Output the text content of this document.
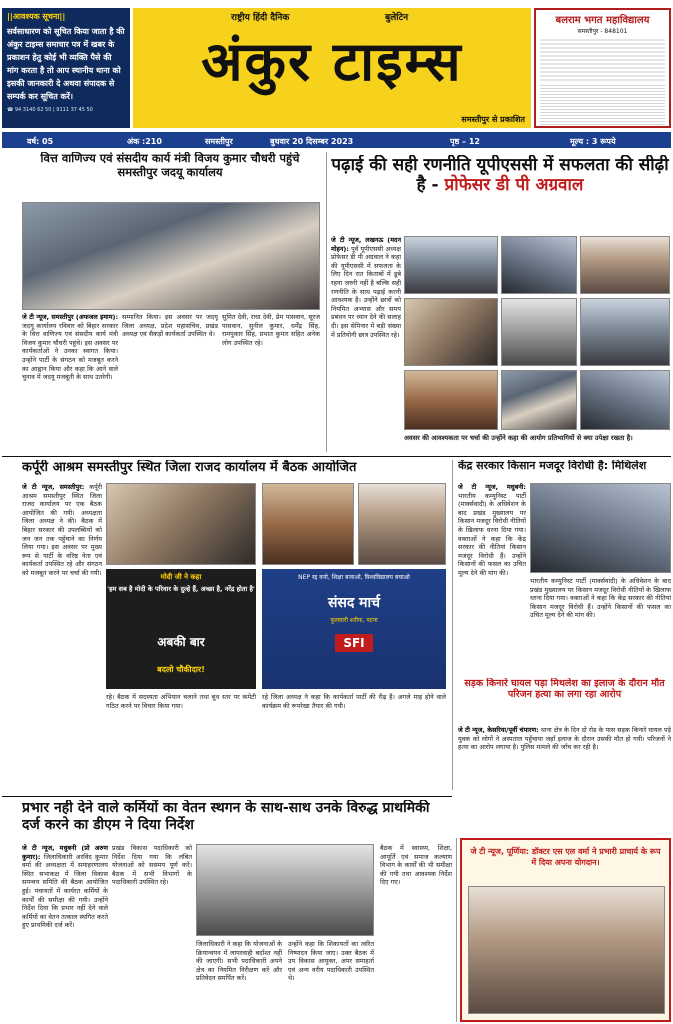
||आवश्यक सूचना||
सर्वसाधारण को सूचित किया जाता है की अंकुर टाइम्स समाचार पत्र में खबर के प्रकाशन हेतु कोई भी व्यक्ति पैसे की मांग करता है तो आप स्थानीय थाना को इसकी जानकारी दे अथवा संपादक से सम्पर्क कर सूचित करें।
☎ 94 3140 62 50 | 9111 37 45 50
राष्ट्रीय हिंदी दैनिक	बुलेटिन
अंकुर टाइम्स
समस्तीपुर से प्रकाशित
बलराम भगत महाविद्यालय
समस्तीपुर - 848101
वर्ष: 05	अंक :210	समस्तीपुर	बुधवार 20 दिसम्बर 2023	पृष्ठ – 12	मूल्य : 3 रूपये
वित्त वाणिज्य एवं संसदीय कार्य मंत्री विजय कुमार चौधरी पहुंचे समस्तीपुर जदयू कार्यालय
जे टी न्यूज, समस्तीपुर (अफजल इमाम): जदयू कार्यालय रविवार को बिहार सरकार के वित्त वाणिज्य एवं संसदीय कार्य मंत्री विजय कुमार चौधरी पहुंचे। इस अवसर पर कार्यकर्ताओं ने उनका स्वागत किया। उन्होंने पार्टी के संगठन को मजबूत करने का आह्वान किया और कहा कि आने वाले चुनाव में जदयू मजबूती के साथ उतरेगी।
सम्मानित किया। इस अवसर पर जदयू जिला अध्यक्ष, प्रदेश महासचिव, प्रखंड अध्यक्ष एवं सैकड़ों कार्यकर्ता उपस्थित थे।
सुमित देवी, राधा देवी, प्रेम पासवान, सूरज पासवान, सुनील कुमार, धर्मेंद्र सिंह, रामपुकार सिंह, प्रभात कुमार सहित अनेक लोग उपस्थित रहे।
पढ़ाई की सही रणनीति यूपीएससी में सफलता की सीढ़ी है - प्रोफेसर डी पी अग्रवाल
जे टी न्यूज, लखनऊ (मदन मोहन): पूर्व यूपीएससी अध्यक्ष प्रोफेसर डी पी अग्रवाल ने कहा की यूपीएससी में सफलता के लिए दिन रात किताबों में डूबे रहना जरुरी नहीं है बल्कि सही रणनीति के साथ पढ़ाई करनी आवश्यक है। उन्होंने छात्रों को नियमित अभ्यास और समय प्रबंधन पर ध्यान देने की सलाह दी। इस सेमिनार में बड़ी संख्या में प्रतियोगी छात्र उपस्थित रहे।
अवसर की आवश्यकता पर चर्चा की उन्होंने कहा की आयोग प्रतिभागियों से क्या उपेक्षा रखता है।
कर्पूरी आश्रम समस्तीपुर स्थित जिला राजद कार्यालय में बैठक आयोजित
जे टी न्यूज, समस्तीपुर: कर्पूरी आश्रम समस्तीपुर स्थित जिला राजद कार्यालय पर एक बैठक आयोजित की गयी। अध्यक्षता जिला अध्यक्ष ने की। बैठक में बिहार सरकार की उपलब्धियों को जन जन तक पहुँचाने का निर्णय लिया गया। इस अवसर पर मुख्य रूप से पार्टी के वरिष्ठ नेता एवं कार्यकर्ता उपस्थित रहे और संगठन को मजबूत करने पर चर्चा की गयी।
मोदी जी ने कहा
'हम सब है मोदी के परिवार के दुल्हे हैं, अच्छा है, नरेंद्र होता है'
अबकी बार
बदलो चौकीदार!
NEP रद्द करो, शिक्षा बजाओ, विश्वविद्यालय बचाओ
संसद मार्च
फुलवारी शरीफ, पटना
SFI
रहे। बैठक में सदस्यता अभियान चलाने तथा बूथ स्तर पर कमेटी गठित करने पर विचार किया गया।
रहे जिला अध्यक्ष ने कहा कि कार्यकर्ता पार्टी की रीढ़ हैं। अगले माह होने वाले कार्यक्रम की रूपरेखा तैयार की गयी।
केंद्र सरकार किसान मजदूर विरोधी है: मिथिलेश
जे टी न्यूज, मधुबनी: भारतीय कम्युनिस्ट पार्टी (मार्क्सवादी) के अधिवेशन के बाद प्रखंड मुख्यालय पर किसान मजदूर विरोधी नीतियों के खिलाफ धरना दिया गया। वक्ताओं ने कहा कि केंद्र सरकार की नीतियां किसान मजदूर विरोधी हैं। उन्होंने किसानों की फसल का उचित मूल्य देने की मांग की।
भारतीय कम्युनिस्ट पार्टी (मार्क्सवादी) के अधिवेशन के बाद प्रखंड मुख्यालय पर किसान मजदूर विरोधी नीतियों के खिलाफ धरना दिया गया। वक्ताओं ने कहा कि केंद्र सरकार की नीतियां किसान मजदूर विरोधी हैं। उन्होंने किसानों की फसल का उचित मूल्य देने की मांग की।
सड़क किनारे घायल पड़ा मिथलेश का इलाज के दौरान मौत परिजन हत्या का लगा रहा आरोप
जे टी न्यूज, केसरिया/पूर्वी चंपारण: थाना क्षेत्र के दिन दो रोड के पास सड़क किनारे घायल पड़े युवक को लोगों ने अस्पताल पहुँचाया जहाँ इलाज के दौरान उसकी मौत हो गयी। परिजनों ने हत्या का आरोप लगाया है। पुलिस मामले की जाँच कर रही है।
प्रभार नही देने वाले कर्मियों का वेतन स्थगन के साथ-साथ उनके विरुद्ध प्राथमिकी दर्ज करने का डीएम ने दिया निर्देश
जे टी न्यूज, मधुबनी (प्रो अरुण कुमार): जिलाधिकारी अरविंद कुमार वर्मा की अध्यक्षता में समाहरणालय स्थित सभाकक्ष में जिला विकास समन्वय समिति की बैठक आयोजित हुई। पंचायतों में कार्यरत कर्मियों के कार्यों की समीक्षा की गयी। उन्होंने निर्देश दिया कि प्रभार नहीं देने वाले कर्मियों का वेतन तत्काल स्थगित करते हुए प्राथमिकी दर्ज करें।
प्रखंड विकास पदाधिकारी को निर्देश दिया गया कि लंबित योजनाओं को ससमय पूर्ण करें। बैठक में सभी विभागों के पदाधिकारी उपस्थित रहे।
जिलाधिकारी ने कहा कि योजनाओं के क्रियान्वयन में लापरवाही बर्दाश्त नहीं की जाएगी। सभी पदाधिकारी अपने क्षेत्र का नियमित निरीक्षण करें और प्रतिवेदन समर्पित करें।
उन्होंने कहा कि शिकायतों का त्वरित निष्पादन किया जाए। उक्त बैठक में उप विकास आयुक्त, अपर समाहर्ता एवं अन्य वरीय पदाधिकारी उपस्थित थे।
बैठक में स्वास्थ्य, शिक्षा, आपूर्ति एवं समाज कल्याण विभाग के कार्यों की भी समीक्षा की गयी तथा आवश्यक निर्देश दिए गए।
जे टी न्यूज, पूर्णिया: डॉक्टर एस एल वर्मा ने प्रभारी प्राचार्य के रूप में दिया अपना योगदान।
